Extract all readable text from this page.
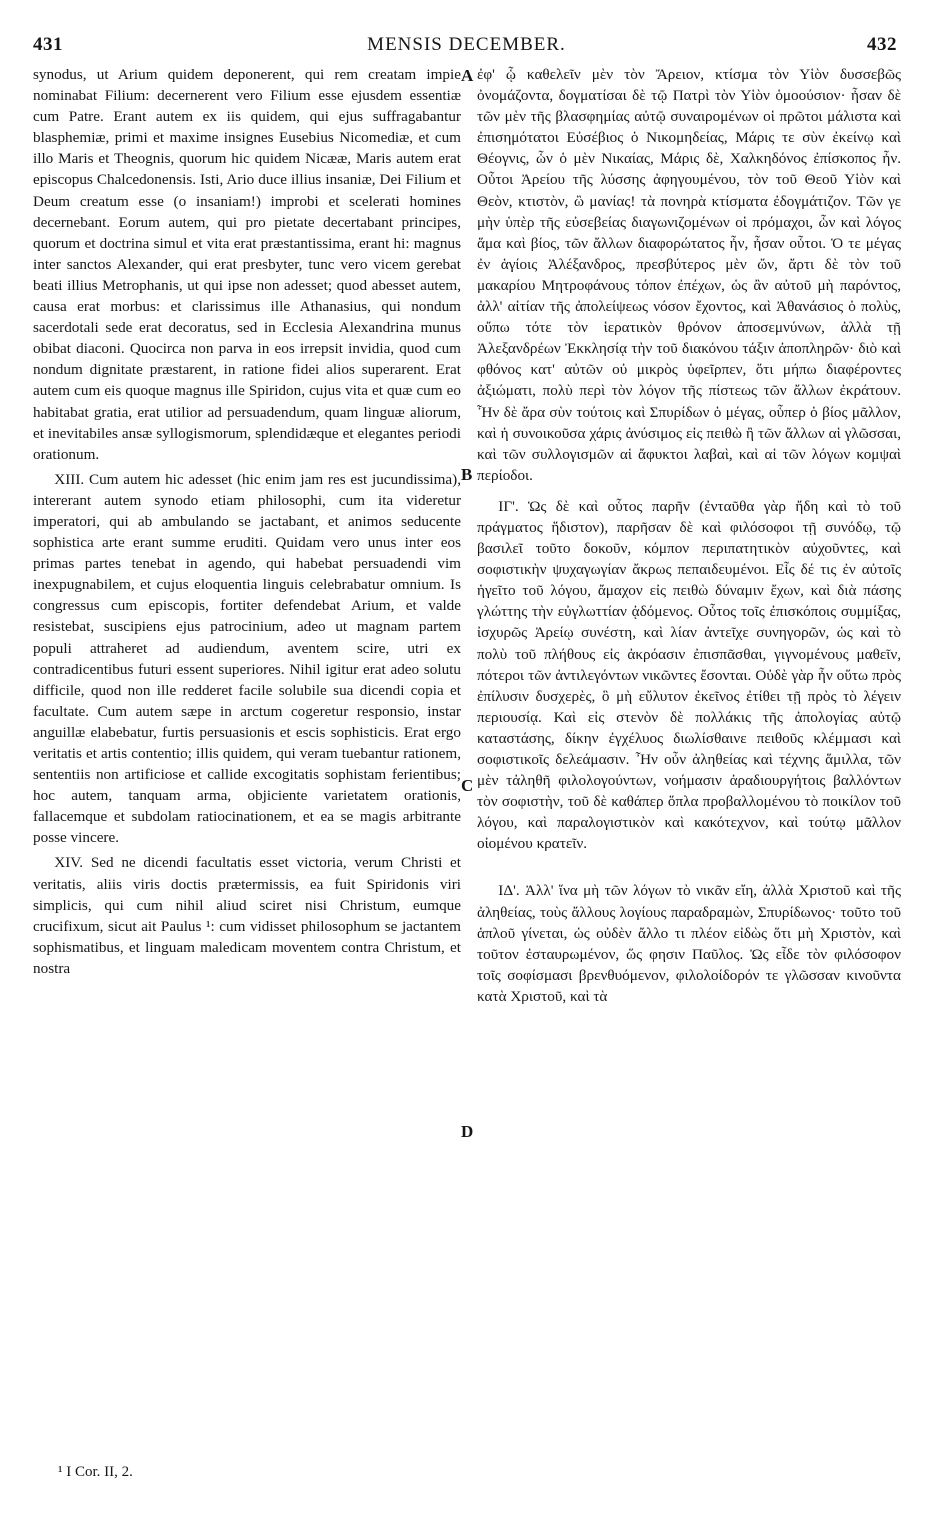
431	MENSIS DECEMBER.	432

synodus, ut Arium quidem deponerent, qui rem creatam impie nominabat Filium: decernerent vero Filium esse ejusdem essentiæ cum Patre. Erant autem ex iis quidem, qui ejus suffragabantur blasphemiæ, primi et maxime insignes Eusebius Nicomediæ, et cum illo Maris et Theognis, quorum hic quidem Nicææ, Maris autem erat episcopus Chalcedonensis. Isti, Ario duce illius insaniæ, Dei Filium et Deum creatum esse (o insaniam!) improbi et scelerati homines decernebant. Eorum autem, qui pro pietate decertabant principes, quorum et doctrina simul et vita erat præstantissima, erant hi: magnus inter sanctos Alexander, qui erat presbyter, tunc vero vicem gerebat beati illius Metrophanis, ut qui ipse non adesset; quod abesset autem, causa erat morbus: et clarissimus ille Athanasius, qui nondum sacerdotali sede erat decoratus, sed in Ecclesia Alexandrina munus obibat diaconi. Quocirca non parva in eos irrepsit invidia, quod cum nondum dignitate præstarent, in ratione fidei alios superarent. Erat autem cum eis quoque magnus ille Spiridon, cujus vita et quæ cum eo habitabat gratia, erat utilior ad persuadendum, quam linguæ aliorum, et inevitabiles ansæ syllogismorum, splendidæque et elegantes periodi orationum.

XIII. Cum autem hic adesset (hic enim jam res est jucundissima), intererant autem synodo etiam philosophi, cum ita videretur imperatori, qui ab ambulando se jactabant, et animos seducente sophistica arte erant summe eruditi. Quidam vero unus inter eos primas partes tenebat in agendo, qui habebat persuadendi vim inexpugnabilem, et cujus eloquentia linguis celebrabatur omnium. Is congressus cum episcopis, fortiter defendebat Arium, et valde resistebat, suscipiens ejus patrocinium, adeo ut magnam partem populi attraheret ad audiendum, aventem scire, utri ex contradicentibus futuri essent superiores. Nihil igitur erat adeo solutu difficile, quod non ille redderet facile solubile sua dicendi copia et facultate. Cum autem sæpe in arctum cogeretur responsio, instar anguillæ elabebatur, furtis persuasionis et escis sophisticis. Erat ergo veritatis et artis contentio; illis quidem, qui veram tuebantur rationem, sententiis non artificiose et callide excogitatis sophistam ferientibus; hoc autem, tanquam arma, objiciente varietatem orationis, fallacemque et subdolam ratiocinationem, et ea se magis arbitrante posse vincere.

XIV. Sed ne dicendi facultatis esset victoria, verum Christi et veritatis, aliis viris doctis prætermissis, ea fuit Spiridonis viri simplicis, qui cum nihil aliud sciret nisi Christum, eumque crucifixum, sicut ait Paulus ¹: cum vidisset philosophum se jactantem sophismatibus, et linguam maledicam moventem contra Christum, et nostra

ἐφ' ᾧ καθελεῖν μὲν τὸν Ἄρειον, κτίσμα τὸν Υἱὸν δυσσεβῶς ὀνομάζοντα, δογματίσαι δὲ τῷ Πατρὶ τὸν Υἱὸν ὁμοούσιον· ἦσαν δὲ τῶν μὲν τῆς βλασφημίας αὐτῷ συναιρομένων οἱ πρῶτοι μάλιστα καὶ ἐπισημότατοι Εὐσέβιος ὁ Νικομηδείας, Μάρις τε σὺν ἐκείνῳ καὶ Θέογνις, ὧν ὁ μὲν Νικαίας, Μάρις δὲ, Χαλκηδόνος ἐπίσκοπος ἦν. Οὗτοι Ἀρείου τῆς λύσσης ἀφηγουμένου, τὸν τοῦ Θεοῦ Υἱὸν καὶ Θεὸν, κτιστὸν, ὢ μανίας! τὰ πονηρὰ κτίσματα ἐδογμάτιζον. Τῶν γε μὴν ὑπὲρ τῆς εὐσεβείας διαγωνιζομένων οἱ πρόμαχοι, ὧν καὶ λόγος ἅμα καὶ βίος, τῶν ἄλλων διαφορώτατος ἦν, ἦσαν οὗτοι. Ὁ τε μέγας ἐν ἁγίοις Ἀλέξανδρος, πρεσβύτερος μὲν ὤν, ἄρτι δὲ τὸν τοῦ μακαρίου Μητροφάνους τόπον ἐπέχων, ὡς ἂν αὐτοῦ μὴ παρόντος, ἀλλ' αἰτίαν τῆς ἀπολείψεως νόσον ἔχοντος, καὶ Ἀθανάσιος ὁ πολὺς, οὔπω τότε τὸν ἱερατικὸν θρόνον ἀποσεμνύνων, ἀλλὰ τῇ Ἀλεξανδρέων Ἐκκλησίᾳ τὴν τοῦ διακόνου τάξιν ἀποπληρῶν· διὸ καὶ φθόνος κατ' αὐτῶν οὐ μικρὸς ὑφεῖρπεν, ὅτι μήπω διαφέροντες ἀξιώματι, πολὺ περὶ τὸν λόγον τῆς πίστεως τῶν ἄλλων ἐκράτουν. Ἦν δὲ ἄρα σὺν τούτοις καὶ Σπυρίδων ὁ μέγας, οὗπερ ὁ βίος μᾶλλον, καὶ ἡ συνοικοῦσα χάρις ἀνύσιμος εἰς πειθὼ ἢ τῶν ἄλλων αἱ γλῶσσαι, καὶ τῶν συλλογισμῶν αἱ ἄφυκτοι λαβαὶ, καὶ αἱ τῶν λόγων κομψαὶ περίοδοι.

ΙΓ'. Ὡς δὲ καὶ οὗτος παρῆν (ἐνταῦθα γὰρ ἤδη καὶ τὸ τοῦ πράγματος ἥδιστον), παρῆσαν δὲ καὶ φιλόσοφοι τῇ συνόδῳ, τῷ βασιλεῖ τοῦτο δοκοῦν, κόμπον περιπατητικὸν αὐχοῦντες, καὶ σοφιστικὴν ψυχαγωγίαν ἄκρως πεπαιδευμένοι. Εἷς δέ τις ἐν αὐτοῖς ἡγεῖτο τοῦ λόγου, ἄμαχον εἰς πειθὼ δύναμιν ἔχων, καὶ διὰ πάσης γλώττης τὴν εὐγλωττίαν ᾀδόμενος. Οὗτος τοῖς ἐπισκόποις συμμίξας, ἰσχυρῶς Ἀρείῳ συνέστη, καὶ λίαν ἀντεῖχε συνηγορῶν, ὡς καὶ τὸ πολὺ τοῦ πλήθους εἰς ἀκρόασιν ἐπισπᾶσθαι, γιγνομένους μαθεῖν, πότεροι τῶν ἀντιλεγόντων νικῶντες ἔσονται. Οὐδὲ γὰρ ἦν οὕτω πρὸς ἐπίλυσιν δυσχερὲς, ὃ μὴ εὔλυτον ἐκεῖνος ἐτίθει τῇ πρὸς τὸ λέγειν περιουσίᾳ. Καὶ εἰς στενὸν δὲ πολλάκις τῆς ἀπολογίας αὐτῷ καταστάσης, δίκην ἐγχέλυος διωλίσθαινε πειθοῦς κλέμμασι καὶ σοφιστικοῖς δελεάμασιν. Ἦν οὖν ἀληθείας καὶ τέχνης ἅμιλλα, τῶν μὲν τἀληθῆ φιλολογούντων, νοήμασιν ἀραδιουργήτοις βαλλόντων τὸν σοφιστὴν, τοῦ δὲ καθάπερ ὅπλα προβαλλομένου τὸ ποικίλον τοῦ λόγου, καὶ παραλογιστικὸν καὶ κακότεχνον, καὶ τούτῳ μᾶλλον οἰομένου κρατεῖν.

ΙΔ'. Ἀλλ' ἵνα μὴ τῶν λόγων τὸ νικᾶν εἴη, ἀλλὰ Χριστοῦ καὶ τῆς ἀληθείας, τοὺς ἄλλους λογίους παραδραμὼν, Σπυρίδωνος· τοῦτο τοῦ ἁπλοῦ γίνεται, ὡς οὐδὲν ἄλλο τι πλέον εἰδὼς ὅτι μὴ Χριστὸν, καὶ τοῦτον ἐσταυρωμένον, ὥς φησιν Παῦλος. Ὡς εἶδε τὸν φιλόσοφον τοῖς σοφίσμασι βρενθυόμενον, φιλολοίδορόν τε γλῶσσαν κινοῦντα κατὰ Χριστοῦ, καὶ τὰ

A
B
C
D
¹ I Cor. II, 2.
